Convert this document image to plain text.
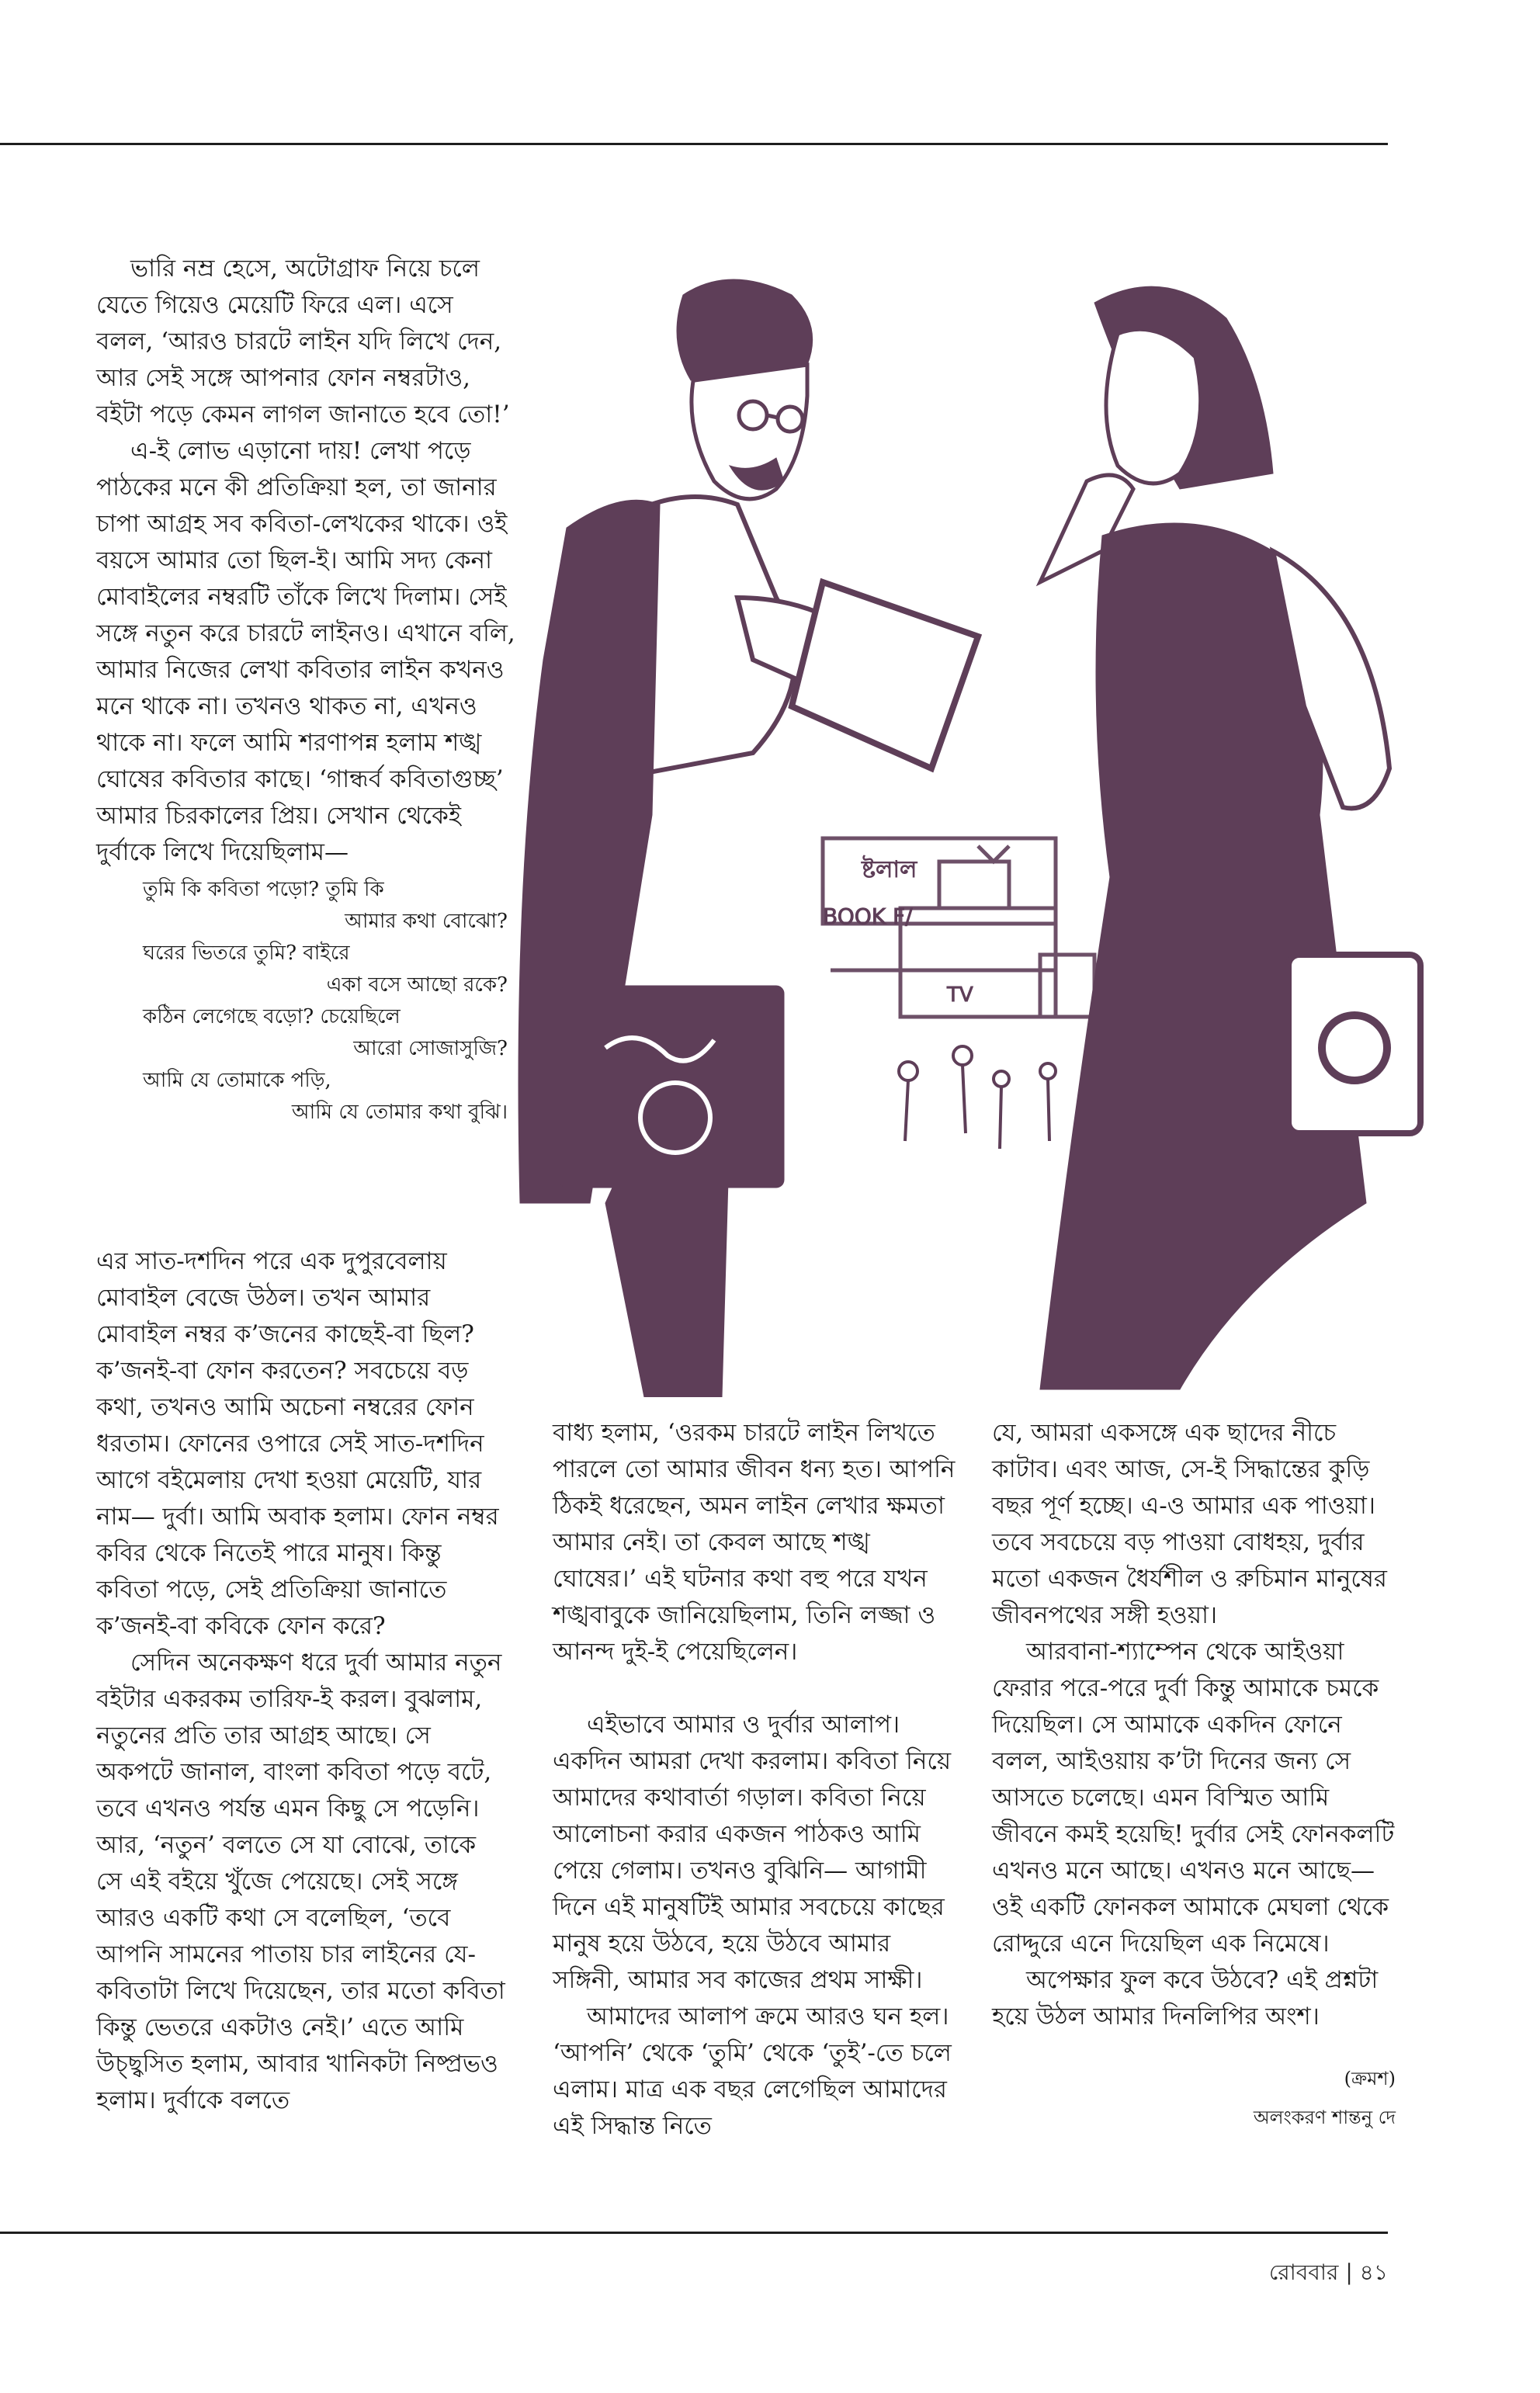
ভারি নম্র হেসে, অটোগ্রাফ নিয়ে চলে যেতে গিয়েও মেয়েটি ফিরে এল। এসে বলল, ‘আরও চারটে লাইন যদি লিখে দেন, আর সেই সঙ্গে আপনার ফোন নম্বরটাও, বইটা পড়ে কেমন লাগল জানাতে হবে তো!’

এ-ই লোভ এড়ানো দায়! লেখা পড়ে পাঠকের মনে কী প্রতিক্রিয়া হল, তা জানার চাপা আগ্রহ সব কবিতা-লেখকের থাকে। ওই বয়সে আমার তো ছিল-ই। আমি সদ্য কেনা মোবাইলের নম্বরটি তাঁকে লিখে দিলাম। সেই সঙ্গে নতুন করে চারটে লাইনও। এখানে বলি, আমার নিজের লেখা কবিতার লাইন কখনও মনে থাকে না। তখনও থাকত না, এখনও থাকে না। ফলে আমি শরণাপন্ন হলাম শঙ্খ ঘোষের কবিতার কাছে। ‘গান্ধর্ব কবিতাগুচ্ছ’ আমার চিরকালের প্রিয়। সেখান থেকেই দুর্বাকে লিখে দিয়েছিলাম—

তুমি কি কবিতা পড়ো? তুমি কি

আমার কথা বোঝো?

ঘরের ভিতরে তুমি? বাইরে

একা বসে আছো রকে?

কঠিন লেগেছে বড়ো? চেয়েছিলে

আরো সোজাসুজি?

আমি যে তোমাকে পড়ি,

আমি যে তোমার কথা বুঝি।

এর সাত-দশদিন পরে এক দুপুরবেলায় মোবাইল বেজে উঠল। তখন আমার মোবাইল নম্বর ক’জনের কাছেই-বা ছিল? ক’জনই-বা ফোন করতেন? সবচেয়ে বড় কথা, তখনও আমি অচেনা নম্বরের ফোন ধরতাম। ফোনের ওপারে সেই সাত-দশদিন আগে বইমেলায় দেখা হওয়া মেয়েটি, যার নাম— দুর্বা। আমি অবাক হলাম। ফোন নম্বর কবির থেকে নিতেই পারে মানুষ। কিন্তু কবিতা পড়ে, সেই প্রতিক্রিয়া জানাতে ক’জনই-বা কবিকে ফোন করে?

সেদিন অনেকক্ষণ ধরে দুর্বা আমার নতুন বইটার একরকম তারিফ-ই করল। বুঝলাম, নতুনের প্রতি তার আগ্রহ আছে। সে অকপটে জানাল, বাংলা কবিতা পড়ে বটে, তবে এখনও পর্যন্ত এমন কিছু সে পড়েনি। আর, ‘নতুন’ বলতে সে যা বোঝে, তাকে সে এই বইয়ে খুঁজে পেয়েছে। সেই সঙ্গে আরও একটি কথা সে বলেছিল, ‘তবে আপনি সামনের পাতায় চার লাইনের যে-কবিতাটা লিখে দিয়েছেন, তার মতো কবিতা কিন্তু ভেতরে একটাও নেই।’ এতে আমি উচ্ছ্বসিত হলাম, আবার খানিকটা নিষ্প্রভও হলাম। দুর্বাকে বলতে

বাধ্য হলাম, ‘ওরকম চারটে লাইন লিখতে পারলে তো আমার জীবন ধন্য হত। আপনি ঠিকই ধরেছেন, অমন লাইন লেখার ক্ষমতা আমার নেই। তা কেবল আছে শঙ্খ ঘোষের।’ এই ঘটনার কথা বহু পরে যখন শঙ্খবাবুকে জানিয়েছিলাম, তিনি লজ্জা ও আনন্দ দুই-ই পেয়েছিলেন।

এইভাবে আমার ও দুর্বার আলাপ। একদিন আমরা দেখা করলাম। কবিতা নিয়ে আমাদের কথাবার্তা গড়াল। কবিতা নিয়ে আলোচনা করার একজন পাঠকও আমি পেয়ে গেলাম। তখনও বুঝিনি— আগামী দিনে এই মানুষটিই আমার সবচেয়ে কাছের মানুষ হয়ে উঠবে, হয়ে উঠবে আমার সঙ্গিনী, আমার সব কাজের প্রথম সাক্ষী।

আমাদের আলাপ ক্রমে আরও ঘন হল। ‘আপনি’ থেকে ‘তুমি’ থেকে ‘তুই’-তে চলে এলাম। মাত্র এক বছর লেগেছিল আমাদের এই সিদ্ধান্ত নিতে

যে, আমরা একসঙ্গে এক ছাদের নীচে কাটাব। এবং আজ, সে-ই সিদ্ধান্তের কুড়ি বছর পূর্ণ হচ্ছে। এ-ও আমার এক পাওয়া। তবে সবচেয়ে বড় পাওয়া বোধহয়, দুর্বার মতো একজন ধৈর্যশীল ও রুচিমান মানুষের জীবনপথের সঙ্গী হওয়া।

আরবানা-শ্যাম্পেন থেকে আইওয়া ফেরার পরে-পরে দুর্বা কিন্তু আমাকে চমকে দিয়েছিল। সে আমাকে একদিন ফোনে বলল, আইওয়ায় ক’টা দিনের জন্য সে আসতে চলেছে। এমন বিস্মিত আমি জীবনে কমই হয়েছি! দুর্বার সেই ফোনকলটি এখনও মনে আছে। এখনও মনে আছে— ওই একটি ফোনকল আমাকে মেঘলা থেকে রোদ্দুরে এনে দিয়েছিল এক নিমেষে।

অপেক্ষার ফুল কবে উঠবে? এই প্রশ্নটা হয়ে উঠল আমার দিনলিপির অংশ।

(ক্রমশ)
অলংকরণ শান্তনু দে
ষ্টলাল
BOOK F/
TV
রোববার | ৪১
